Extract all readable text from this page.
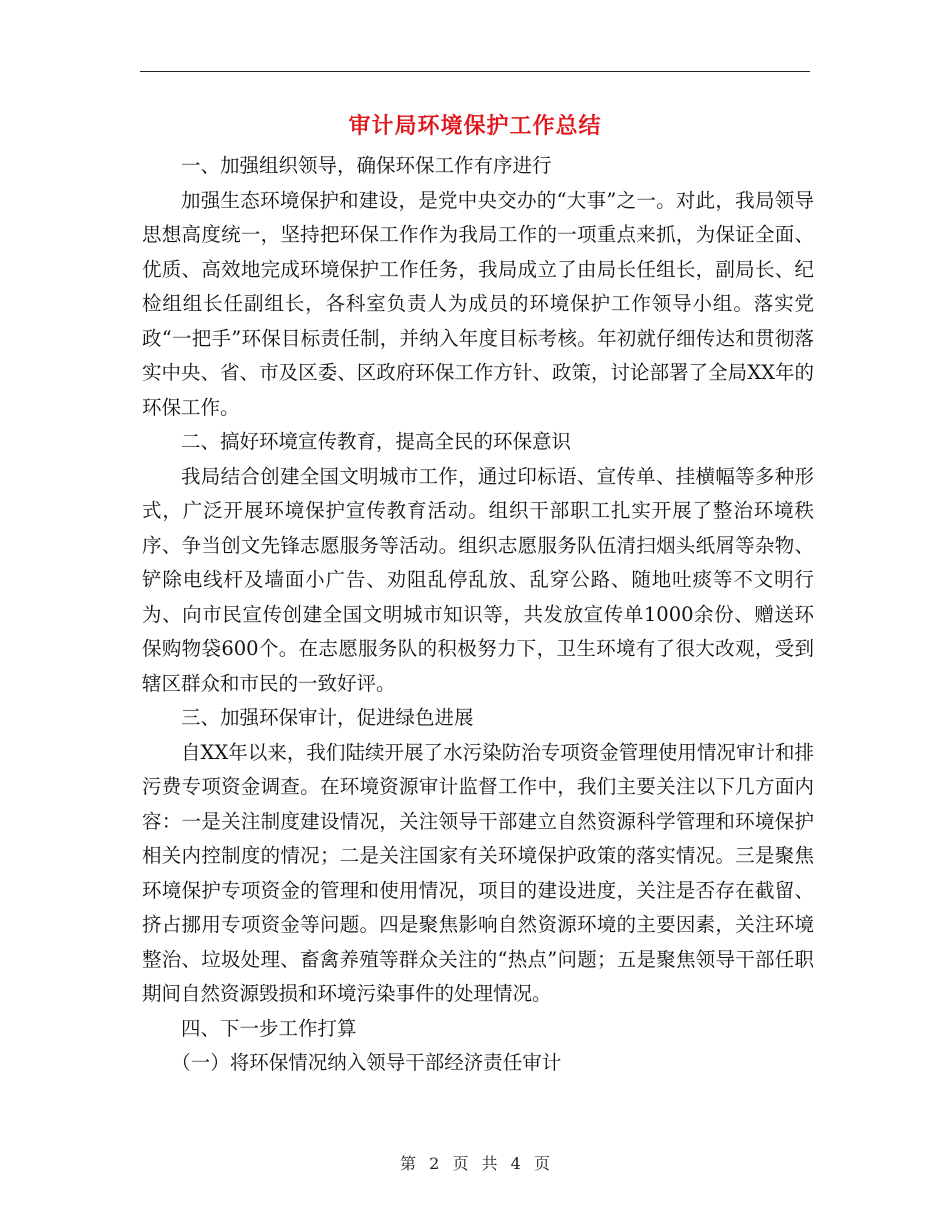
审计局环境保护工作总结

一、加强组织领导，确保环保工作有序进行

加强生态环境保护和建设，是党中央交办的“大事”之一。对此，我局领导思想高度统一，坚持把环保工作作为我局工作的一项重点来抓，为保证全面、优质、高效地完成环境保护工作任务，我局成立了由局长任组长，副局长、纪检组组长任副组长，各科室负责人为成员的环境保护工作领导小组。落实党政“一把手”环保目标责任制，并纳入年度目标考核。年初就仔细传达和贯彻落实中央、省、市及区委、区政府环保工作方针、政策，讨论部署了全局XX年的环保工作。

二、搞好环境宣传教育，提高全民的环保意识

我局结合创建全国文明城市工作，通过印标语、宣传单、挂横幅等多种形式，广泛开展环境保护宣传教育活动。组织干部职工扎实开展了整治环境秩序、争当创文先锋志愿服务等活动。组织志愿服务队伍清扫烟头纸屑等杂物、铲除电线杆及墙面小广告、劝阻乱停乱放、乱穿公路、随地吐痰等不文明行为、向市民宣传创建全国文明城市知识等，共发放宣传单1000余份、赠送环保购物袋600个。在志愿服务队的积极努力下，卫生环境有了很大改观，受到辖区群众和市民的一致好评。

三、加强环保审计，促进绿色进展

自XX年以来，我们陆续开展了水污染防治专项资金管理使用情况审计和排污费专项资金调查。在环境资源审计监督工作中，我们主要关注以下几方面内容：一是关注制度建设情况，关注领导干部建立自然资源科学管理和环境保护相关内控制度的情况；二是关注国家有关环境保护政策的落实情况。三是聚焦环境保护专项资金的管理和使用情况，项目的建设进度，关注是否存在截留、挤占挪用专项资金等问题。四是聚焦影响自然资源环境的主要因素，关注环境整治、垃圾处理、畜禽养殖等群众关注的“热点”问题；五是聚焦领导干部任职期间自然资源毁损和环境污染事件的处理情况。

四、下一步工作打算

（一）将环保情况纳入领导干部经济责任审计

第 2 页 共 4 页
